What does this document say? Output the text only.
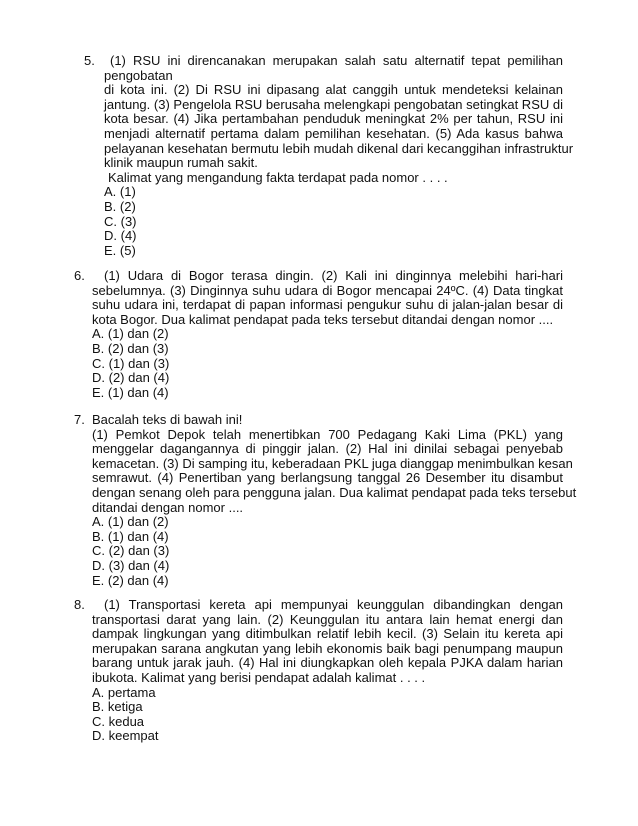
5. (1) RSU ini direncanakan merupakan salah satu alternatif tepat pemilihan
pengobatan
di kota ini. (2) Di RSU ini dipasang alat canggih untuk mendeteksi kelainan
jantung. (3) Pengelola RSU berusaha melengkapi pengobatan setingkat RSU di
kota besar. (4) Jika pertambahan penduduk meningkat 2% per tahun, RSU ini
menjadi alternatif pertama dalam pemilihan kesehatan. (5) Ada kasus bahwa
pelayanan kesehatan bermutu lebih mudah dikenal dari kecanggihan infrastruktur
klinik maupun rumah sakit.
Kalimat yang mengandung fakta terdapat pada nomor . . . .
A. (1)
B. (2)
C. (3)
D. (4)
E. (5)
6. (1) Udara di Bogor terasa dingin. (2) Kali ini dinginnya melebihi hari-hari
sebelumnya. (3) Dinginnya suhu udara di Bogor mencapai 24ºC. (4) Data tingkat
suhu udara ini, terdapat di papan informasi pengukur suhu di jalan-jalan besar di
kota Bogor. Dua kalimat pendapat pada teks tersebut ditandai dengan nomor ....
A. (1) dan (2)
B. (2) dan (3)
C. (1) dan (3)
D. (2) dan (4)
E. (1) dan (4)
7. Bacalah teks di bawah ini!
(1) Pemkot Depok telah menertibkan 700 Pedagang Kaki Lima (PKL) yang
menggelar dagangannya di pinggir jalan. (2) Hal ini dinilai sebagai penyebab
kemacetan. (3) Di samping itu, keberadaan PKL juga dianggap menimbulkan kesan
semrawut. (4) Penertiban yang berlangsung tanggal 26 Desember itu disambut
dengan senang oleh para pengguna jalan. Dua kalimat pendapat pada teks tersebut
ditandai dengan nomor ....
A. (1) dan (2)
B. (1) dan (4)
C. (2) dan (3)
D. (3) dan (4)
E. (2) dan (4)
8. (1) Transportasi kereta api mempunyai keunggulan dibandingkan dengan
transportasi darat yang lain. (2) Keunggulan itu antara lain hemat energi dan
dampak lingkungan yang ditimbulkan relatif lebih kecil. (3) Selain itu kereta api
merupakan sarana angkutan yang lebih ekonomis baik bagi penumpang maupun
barang untuk jarak jauh. (4) Hal ini diungkapkan oleh kepala PJKA dalam harian
ibukota. Kalimat yang berisi pendapat adalah kalimat . . . .
A. pertama
B. ketiga
C. kedua
D. keempat
